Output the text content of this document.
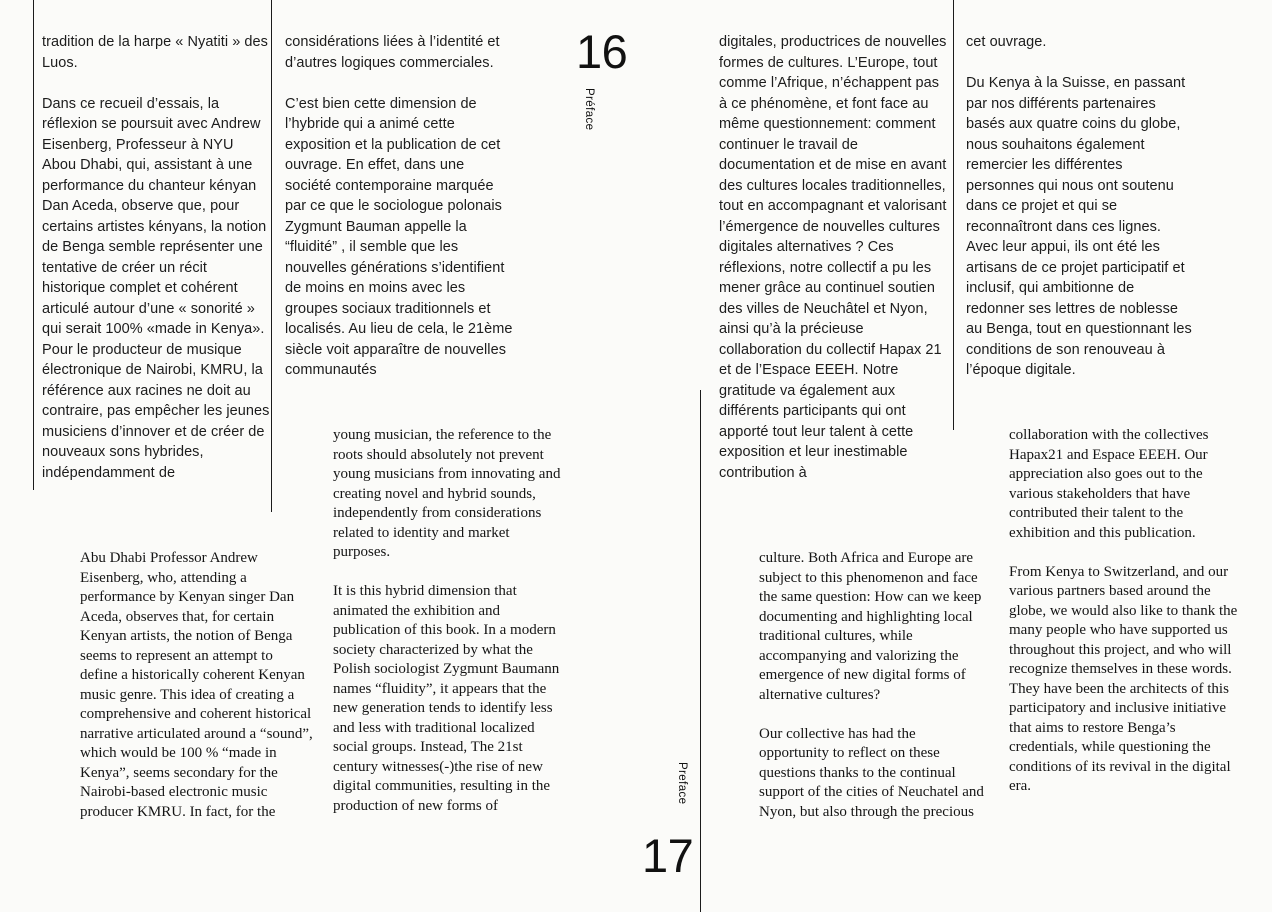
16
Préface
Preface
17

tradition de la harpe « Nyatiti » des Luos.

Dans ce recueil d’essais, la réflexion se poursuit avec Andrew Eisenberg, Professeur à NYU Abou Dhabi, qui, assistant à une performance du chanteur kényan Dan Aceda, observe que, pour certains artistes kényans, la notion de Benga semble représenter une tentative de créer un récit historique complet et cohérent articulé autour d’une « sonorité » qui serait 100% «made in Kenya». Pour le producteur de musique électronique de Nairobi, KMRU, la référence aux racines ne doit au contraire, pas empêcher les jeunes musiciens d’innover et de créer de nouveaux sons hybrides, indépendamment de

considérations liées à l’identité et d’autres logiques commerciales.

C’est bien cette dimension de l’hybride qui a animé cette exposition et la publication de cet ouvrage. En effet, dans une société contemporaine marquée par ce que le sociologue polonais Zygmunt Bauman appelle la “fluidité” , il semble que les nouvelles générations s’identifient de moins en moins avec les groupes sociaux traditionnels et localisés. Au lieu de cela, le 21ème siècle voit apparaître de nouvelles communautés

digitales, productrices de nouvelles formes de cultures. L’Europe, tout comme l’Afrique, n’échappent pas à ce phénomène, et font face au même questionnement: comment continuer le travail de documentation et de mise en avant des cultures locales traditionnelles, tout en accompagnant et valorisant l’émergence de nouvelles cultures digitales alternatives ? Ces réflexions, notre collectif a pu les mener grâce au continuel soutien des villes de Neuchâtel et Nyon, ainsi qu’à la précieuse collaboration du collectif Hapax 21 et de l’Espace EEEH. Notre gratitude va également aux différents participants qui ont apporté tout leur talent à cette exposition et leur inestimable contribution à

cet ouvrage.

Du Kenya à la Suisse, en passant par nos différents partenaires basés aux quatre coins du globe, nous souhaitons également remercier les différentes personnes qui nous ont soutenu dans ce projet et qui se reconnaîtront dans ces lignes. Avec leur appui, ils ont été les artisans de ce projet participatif et inclusif, qui ambitionne de redonner ses lettres de noblesse au Benga, tout en questionnant les conditions de son renouveau à l’époque digitale.

Abu Dhabi Professor Andrew Eisenberg, who, attending a performance by Kenyan singer Dan Aceda, observes that, for certain Kenyan artists, the notion of Benga seems to represent an attempt to define a historically coherent Kenyan music genre. This idea of creating a comprehensive and coherent historical narrative articulated around a “sound”, which would be 100 % “made in Kenya”, seems secondary for the Nairobi-based electronic music producer KMRU. In fact, for the

young musician, the reference to the roots should absolutely not prevent young musicians from innovating and creating novel and hybrid sounds, independently from considerations related to identity and market purposes.

It is this hybrid dimension that animated the exhibition and publication of this book. In a modern society characterized by what the Polish sociologist Zygmunt Baumann names “fluidity”, it appears that the new generation tends to identify less and less with traditional localized social groups. Instead, The 21st century witnesses(-)the rise of new digital communities, resulting in the production of new forms of

culture. Both Africa and Europe are subject to this phenomenon and face the same question: How can we keep documenting and highlighting local traditional cultures, while accompanying and valorizing the emergence of new digital forms of alternative cultures?

Our collective has had the opportunity to reflect on these questions thanks to the continual support of the cities of Neuchatel and Nyon, but also through the precious

collaboration with the collectives Hapax21 and Espace EEEH. Our appreciation also goes out to the various stakeholders that have contributed their talent to the exhibition and this publication.

From Kenya to Switzerland, and our various partners based around the globe, we would also like to thank the many people who have supported us throughout this project, and who will recognize themselves in these words. They have been the architects of this participatory and inclusive initiative that aims to restore Benga’s credentials, while questioning the conditions of its revival in the digital era.
